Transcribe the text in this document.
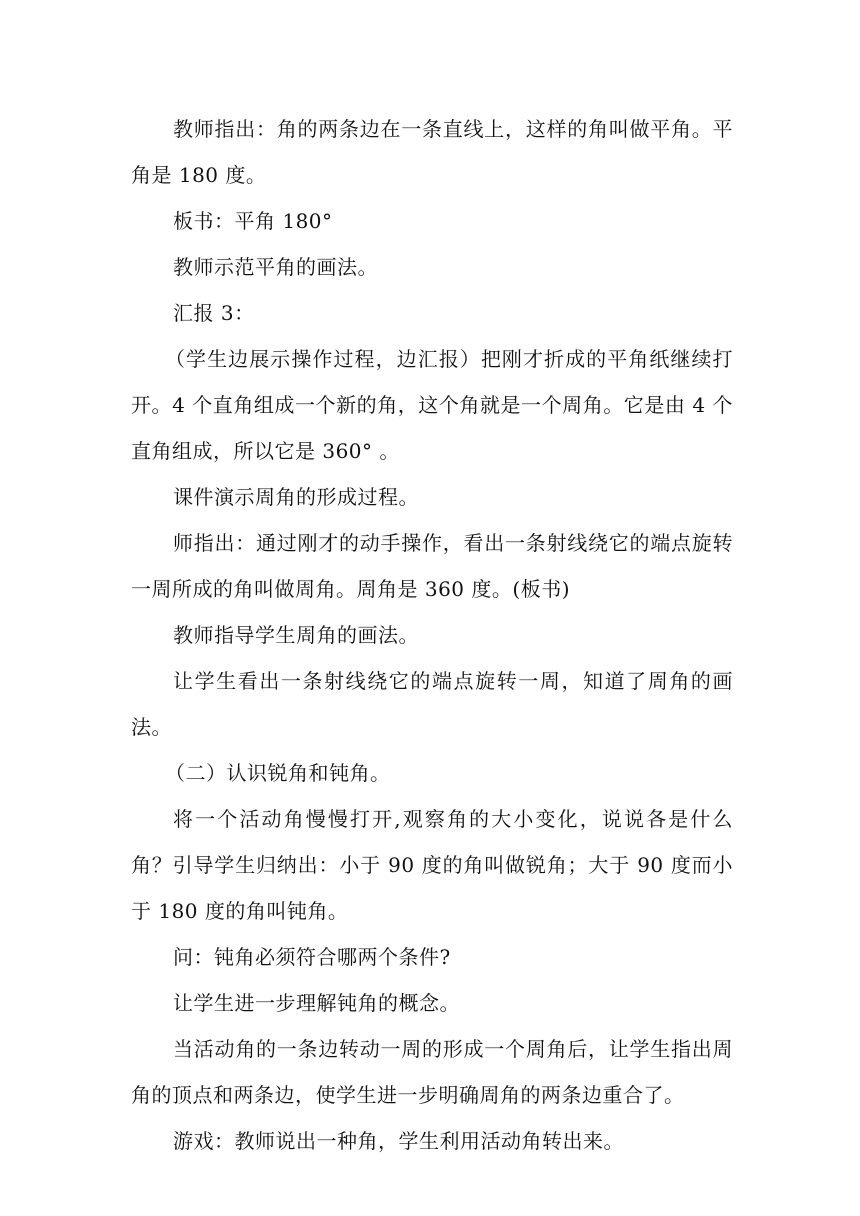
教师指出：角的两条边在一条直线上，这样的角叫做平角。平角是 180 度。

板书：平角 180°

教师示范平角的画法。

汇报 3：

（学生边展示操作过程，边汇报）把刚才折成的平角纸继续打开。4 个直角组成一个新的角，这个角就是一个周角。它是由 4 个直角组成，所以它是 360° 。

课件演示周角的形成过程。

师指出：通过刚才的动手操作，看出一条射线绕它的端点旋转一周所成的角叫做周角。周角是 360 度。(板书)

教师指导学生周角的画法。

让学生看出一条射线绕它的端点旋转一周，知道了周角的画法。

（二）认识锐角和钝角。

将一个活动角慢慢打开,观察角的大小变化，说说各是什么角？引导学生归纳出：小于 90 度的角叫做锐角；大于 90 度而小于 180 度的角叫钝角。

问：钝角必须符合哪两个条件?

让学生进一步理解钝角的概念。

当活动角的一条边转动一周的形成一个周角后，让学生指出周角的顶点和两条边，使学生进一步明确周角的两条边重合了。

游戏：教师说出一种角，学生利用活动角转出来。
